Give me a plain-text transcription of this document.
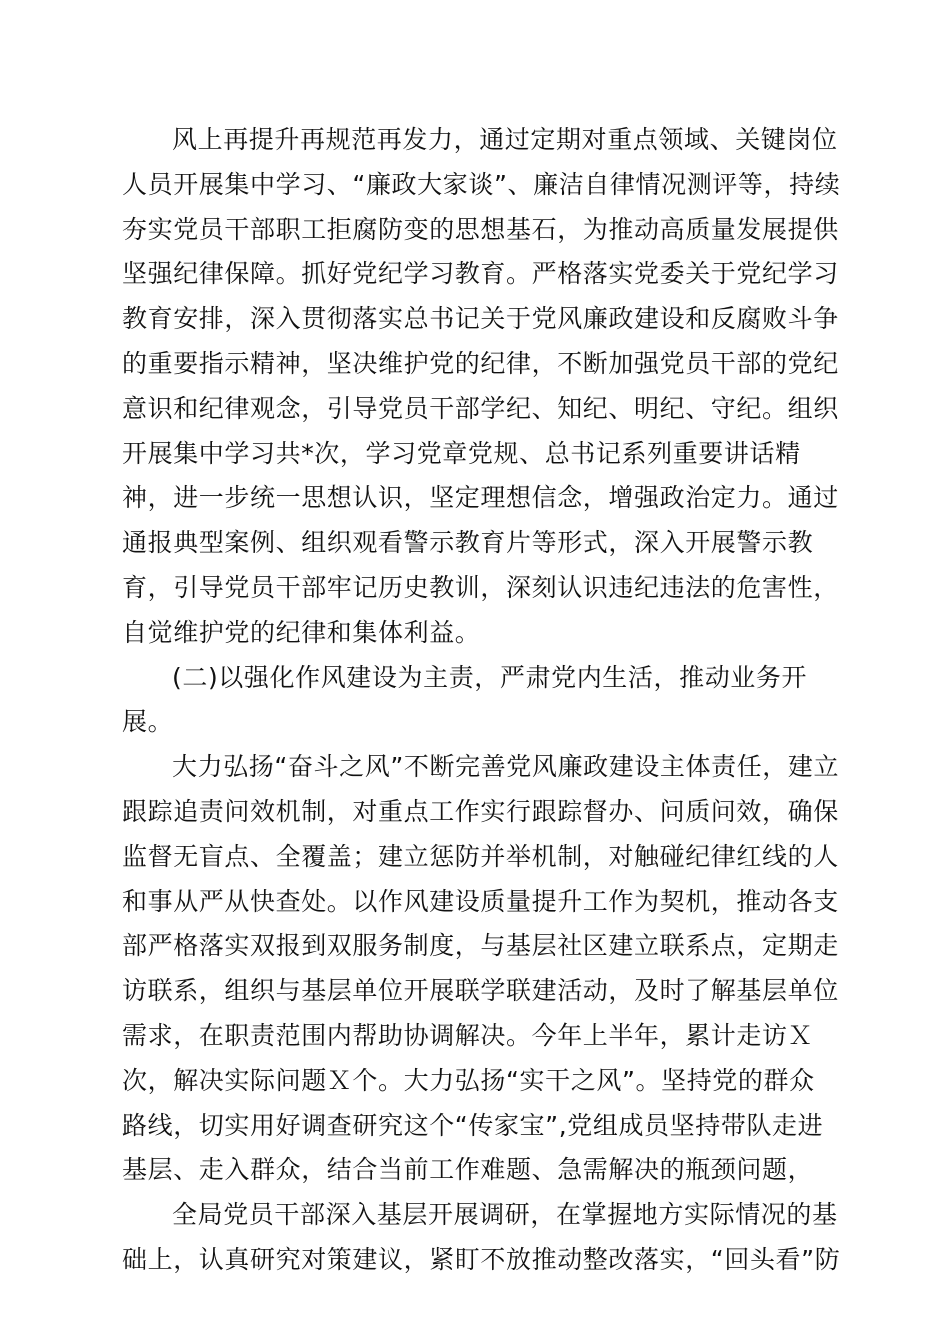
风上再提升再规范再发力，通过定期对重点领域、关键岗位
人员开展集中学习、“廉政大家谈”、廉洁自律情况测评等，持续
夯实党员干部职工拒腐防变的思想基石，为推动高质量发展提供
坚强纪律保障。抓好党纪学习教育。严格落实党委关于党纪学习
教育安排，深入贯彻落实总书记关于党风廉政建设和反腐败斗争
的重要指示精神，坚决维护党的纪律，不断加强党员干部的党纪
意识和纪律观念，引导党员干部学纪、知纪、明纪、守纪。组织
开展集中学习共*次，学习党章党规、总书记系列重要讲话精
神，进一步统一思想认识，坚定理想信念，增强政治定力。通过
通报典型案例、组织观看警示教育片等形式，深入开展警示教
育，引导党员干部牢记历史教训，深刻认识违纪违法的危害性，
自觉维护党的纪律和集体利益。
(二)以强化作风建设为主责，严肃党内生活，推动业务开
展。
大力弘扬“奋斗之风”不断完善党风廉政建设主体责任，建立
跟踪追责问效机制，对重点工作实行跟踪督办、问质问效，确保
监督无盲点、全覆盖；建立惩防并举机制，对触碰纪律红线的人
和事从严从快查处。以作风建设质量提升工作为契机，推动各支
部严格落实双报到双服务制度，与基层社区建立联系点，定期走
访联系，组织与基层单位开展联学联建活动，及时了解基层单位
需求，在职责范围内帮助协调解决。今年上半年，累计走访Ｘ
次，解决实际问题Ｘ个。大力弘扬“实干之风”。坚持党的群众
路线，切实用好调查研究这个“传家宝”,党组成员坚持带队走进
基层、走入群众，结合当前工作难题、急需解决的瓶颈问题，
全局党员干部深入基层开展调研，在掌握地方实际情况的基
础上，认真研究对策建议，紧盯不放推动整改落实，“回头看”防
